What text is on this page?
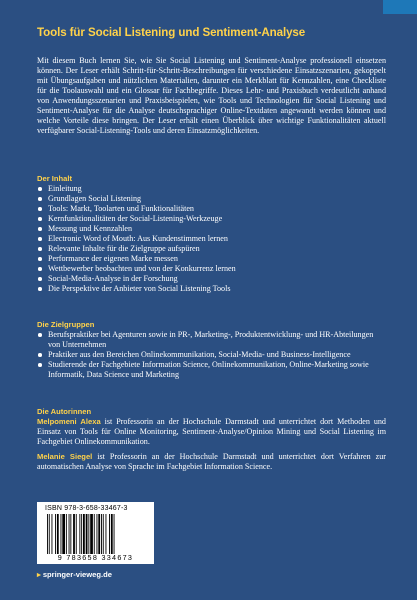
Tools für Social Listening und Sentiment-Analyse

Mit diesem Buch lernen Sie, wie Sie Social Listening und Sentiment-Analyse professionell einsetzen können. Der Leser erhält Schritt-für-Schritt-Beschreibungen für verschiedene Einsatzszenarien, gekoppelt mit Übungsaufgaben und nützlichen Materialien, darunter ein Merkblatt für Kennzahlen, eine Checkliste für die Toolauswahl und ein Glossar für Fachbegriffe. Dieses Lehr- und Praxisbuch verdeutlicht anhand von Anwendungsszenarien und Praxisbeispielen, wie Tools und Technologien für Social Listening und Sentiment-Analyse für die Analyse deutschsprachiger Online-Textdaten angewandt werden können und welche Vorteile diese bringen. Der Leser erhält einen Überblick über wichtige Funktionalitäten aktuell verfügbarer Social-Listening-Tools und deren Einsatzmöglichkeiten.

Der Inhalt
Einleitung
Grundlagen Social Listening
Tools: Markt, Toolarten und Funktionalitäten
Kernfunktionalitäten der Social-Listening-Werkzeuge
Messung und Kennzahlen
Electronic Word of Mouth: Aus Kundenstimmen lernen
Relevante Inhalte für die Zielgruppe aufspüren
Performance der eigenen Marke messen
Wettbewerber beobachten und von der Konkurrenz lernen
Social-Media-Analyse in der Forschung
Die Perspektive der Anbieter von Social Listening Tools
Die Zielgruppen
Berufspraktiker bei Agenturen sowie in PR-, Marketing-, Produktentwicklung- und HR-Abteilungen von Unternehmen
Praktiker aus den Bereichen Onlinekommunikation, Social-Media- und Business-Intelligence
Studierende der Fachgebiete Information Science, Onlinekommunikation, Online-Marketing sowie Informatik, Data Science und Marketing
Die Autorinnen

Melpomeni Alexa ist Professorin an der Hochschule Darmstadt und unterrichtet dort Methoden und Einsatz von Tools für Online Monitoring, Sentiment-Analyse/Opinion Mining und Social Listening im Fachgebiet Onlinekommunikation.

Melanie Siegel ist Professorin an der Hochschule Darmstadt und unterrichtet dort Verfahren zur automatischen Analyse von Sprache im Fachgebiet Information Science.

ISBN 978-3-658-33467-3
9 783658 334673
▸ springer-vieweg.de
